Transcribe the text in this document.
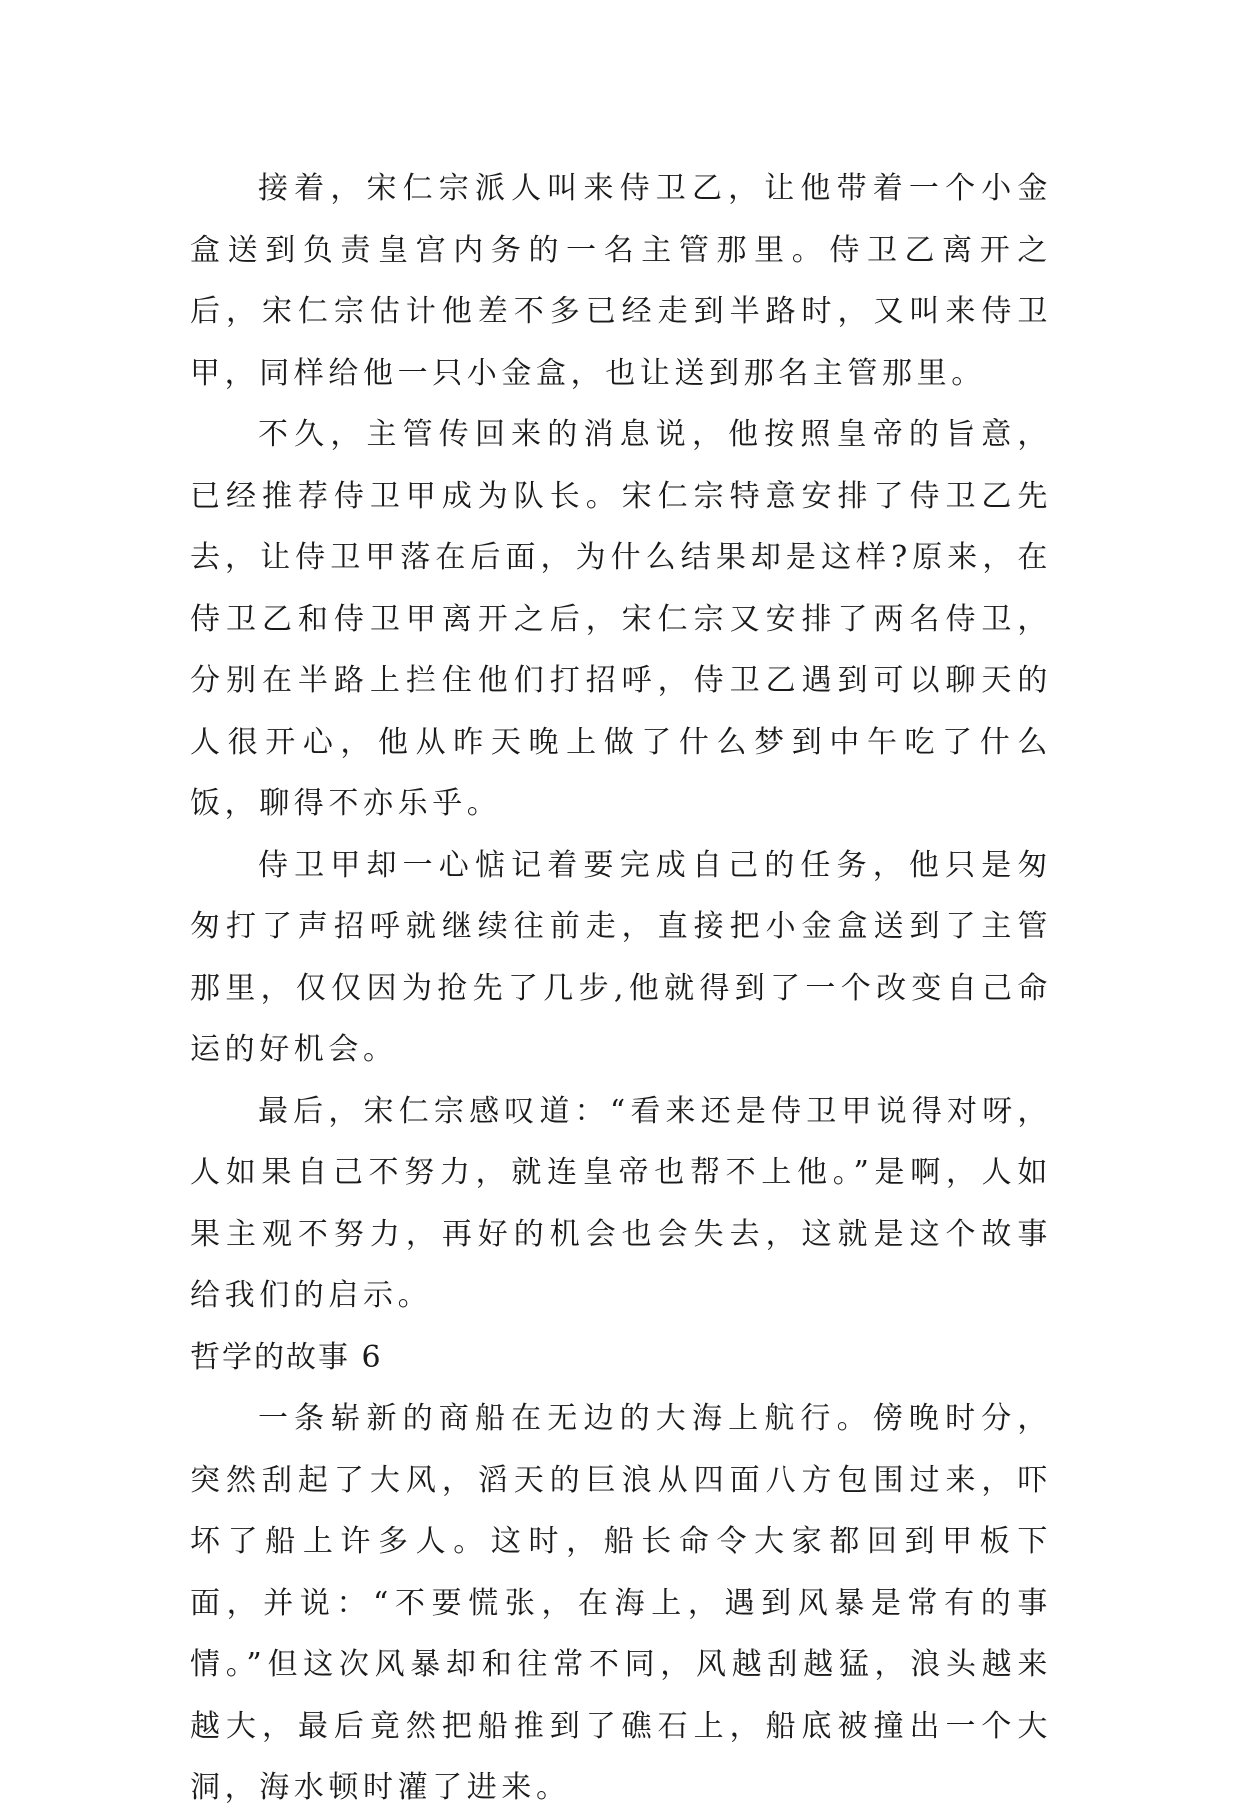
接着，宋仁宗派人叫来侍卫乙，让他带着一个小金盒送到负责皇宫内务的一名主管那里。侍卫乙离开之后，宋仁宗估计他差不多已经走到半路时，又叫来侍卫甲，同样给他一只小金盒，也让送到那名主管那里。

不久，主管传回来的消息说，他按照皇帝的旨意，已经推荐侍卫甲成为队长。宋仁宗特意安排了侍卫乙先去，让侍卫甲落在后面，为什么结果却是这样?原来，在侍卫乙和侍卫甲离开之后，宋仁宗又安排了两名侍卫，分别在半路上拦住他们打招呼，侍卫乙遇到可以聊天的人很开心，他从昨天晚上做了什么梦到中午吃了什么饭，聊得不亦乐乎。

侍卫甲却一心惦记着要完成自己的任务，他只是匆匆打了声招呼就继续往前走，直接把小金盒送到了主管那里，仅仅因为抢先了几步,他就得到了一个改变自己命运的好机会。

最后，宋仁宗感叹道：“看来还是侍卫甲说得对呀，人如果自己不努力，就连皇帝也帮不上他。”是啊，人如果主观不努力，再好的机会也会失去，这就是这个故事给我们的启示。

哲学的故事 6

一条崭新的商船在无边的大海上航行。傍晚时分，突然刮起了大风，滔天的巨浪从四面八方包围过来，吓坏了船上许多人。这时，船长命令大家都回到甲板下面，并说：“不要慌张，在海上，遇到风暴是常有的事情。”但这次风暴却和往常不同，风越刮越猛，浪头越来越大，最后竟然把船推到了礁石上，船底被撞出一个大洞，海水顿时灌了进来。
